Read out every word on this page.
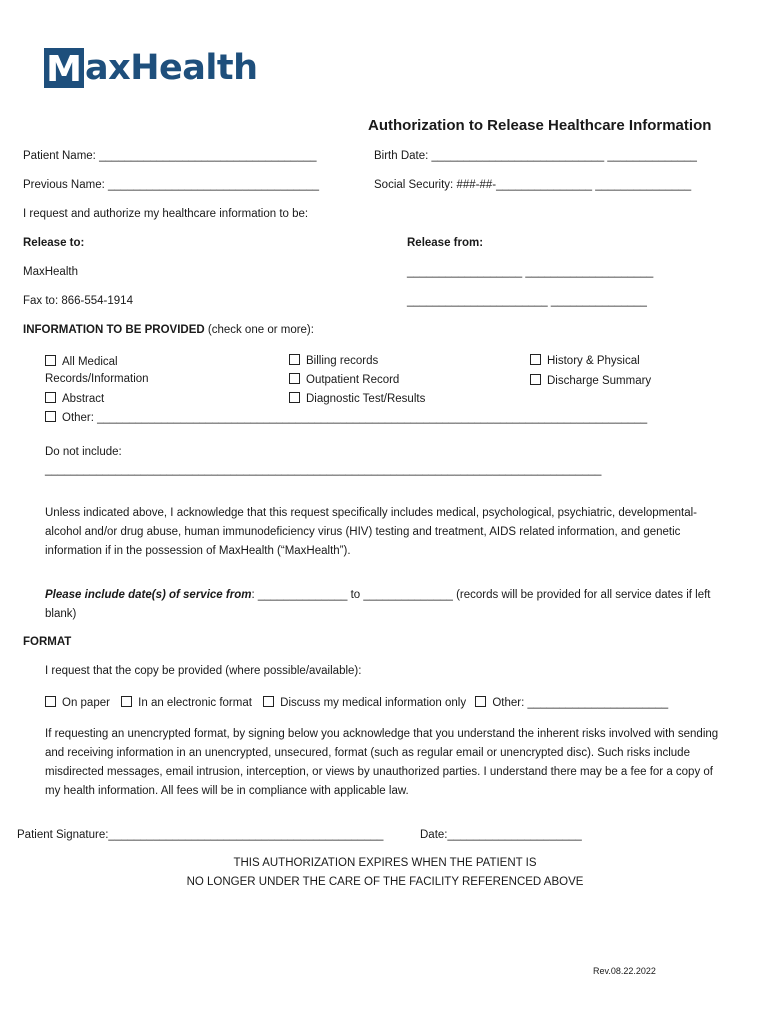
M axHealth
Authorization to Release Healthcare Information
Patient Name: __________________________________	Birth Date: ___________________________ ______________
Previous Name: _________________________________	Social Security: ###-##-_______________ _______________
I request and authorize my healthcare information to be:
Release to:	Release from:
MaxHealth	__________________ ____________________
Fax to: 866-554-1914	______________________ _______________
INFORMATION TO BE PROVIDED (check one or more):
All Medical
Records/Information
Abstract
Other: ______________________________________________________________________________________
Billing records
Outpatient Record
Diagnostic Test/Results
History & Physical
Discharge Summary
Do not include:
_______________________________________________________________________________________
Unless indicated above, I acknowledge that this request specifically includes medical, psychological, psychiatric, developmental-alcohol and/or drug abuse, human immunodeficiency virus (HIV) testing and treatment, AIDS related information, and genetic information if in the possession of MaxHealth (“MaxHealth”).
Please include date(s) of service from: ______________ to ______________ (records will be provided for all service dates if left blank)
FORMAT
I request that the copy be provided (where possible/available):
On paper In an electronic format Discuss my medical information only Other: ______________________
If requesting an unencrypted format, by signing below you acknowledge that you understand the inherent risks involved with sending and receiving information in an unencrypted, unsecured, format (such as regular email or unencrypted disc). Such risks include misdirected messages, email intrusion, interception, or views by unauthorized parties. I understand there may be a fee for a copy of my health information. All fees will be in compliance with applicable law.
Patient Signature:___________________________________________	Date:_____________________
THIS AUTHORIZATION EXPIRES WHEN THE PATIENT IS
NO LONGER UNDER THE CARE OF THE FACILITY REFERENCED ABOVE
Rev.08.22.2022
